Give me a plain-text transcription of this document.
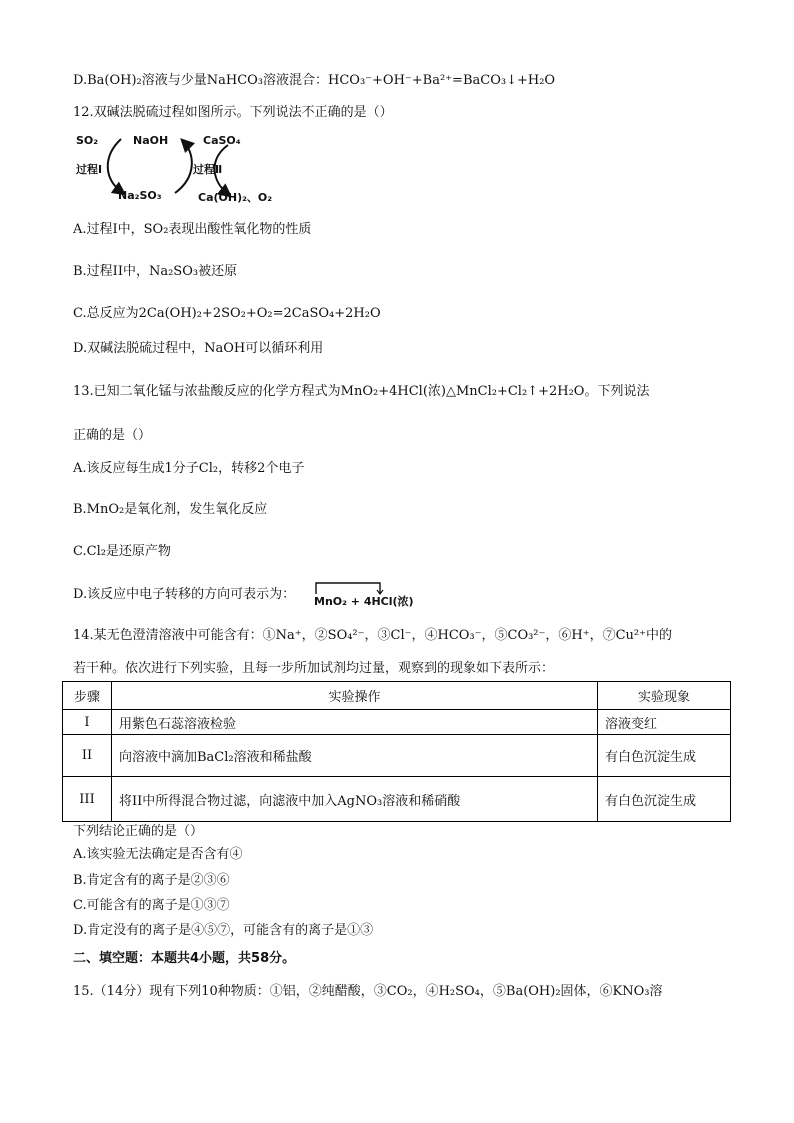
D.Ba(OH)₂溶液与少量NaHCO₃溶液混合：HCO₃⁻+OH⁻+Ba²⁺=BaCO₃↓+H₂O
12.双碱法脱硫过程如图所示。下列说法不正确的是（）
SO₂	NaOH	CaSO₄
过程Ⅰ	过程Ⅱ
Na₂SO₃	Ca(OH)₂、O₂
A.过程I中，SO₂表现出酸性氧化物的性质
B.过程II中，Na₂SO₃被还原
C.总反应为2Ca(OH)₂+2SO₂+O₂=2CaSO₄+2H₂O
D.双碱法脱硫过程中，NaOH可以循环利用
13.已知二氧化锰与浓盐酸反应的化学方程式为MnO₂+4HCl(浓)△MnCl₂+Cl₂↑+2H₂O。下列说法
正确的是（）
A.该反应每生成1分子Cl₂，转移2个电子
B.MnO₂是氧化剂，发生氧化反应
C.Cl₂是还原产物
D.该反应中电子转移的方向可表示为： MnO₂ + 4HCl(浓)
14.某无色澄清溶液中可能含有：①Na⁺，②SO₄²⁻，③Cl⁻，④HCO₃⁻，⑤CO₃²⁻，⑥H⁺，⑦Cu²⁺中的
若干种。依次进行下列实验，且每一步所加试剂均过量，观察到的现象如下表所示：
步骤	实验操作	实验现象
I	用紫色石蕊溶液检验	溶液变红
II	向溶液中滴加BaCl₂溶液和稀盐酸	有白色沉淀生成
III	将II中所得混合物过滤，向滤液中加入AgNO₃溶液和稀硝酸	有白色沉淀生成
下列结论正确的是（）
A.该实验无法确定是否含有④
B.肯定含有的离子是②③⑥
C.可能含有的离子是①③⑦
D.肯定没有的离子是④⑤⑦，可能含有的离子是①③
二、填空题：本题共4小题，共58分。
15.（14分）现有下列10种物质：①铝，②纯醋酸，③CO₂，④H₂SO₄，⑤Ba(OH)₂固体，⑥KNO₃溶
